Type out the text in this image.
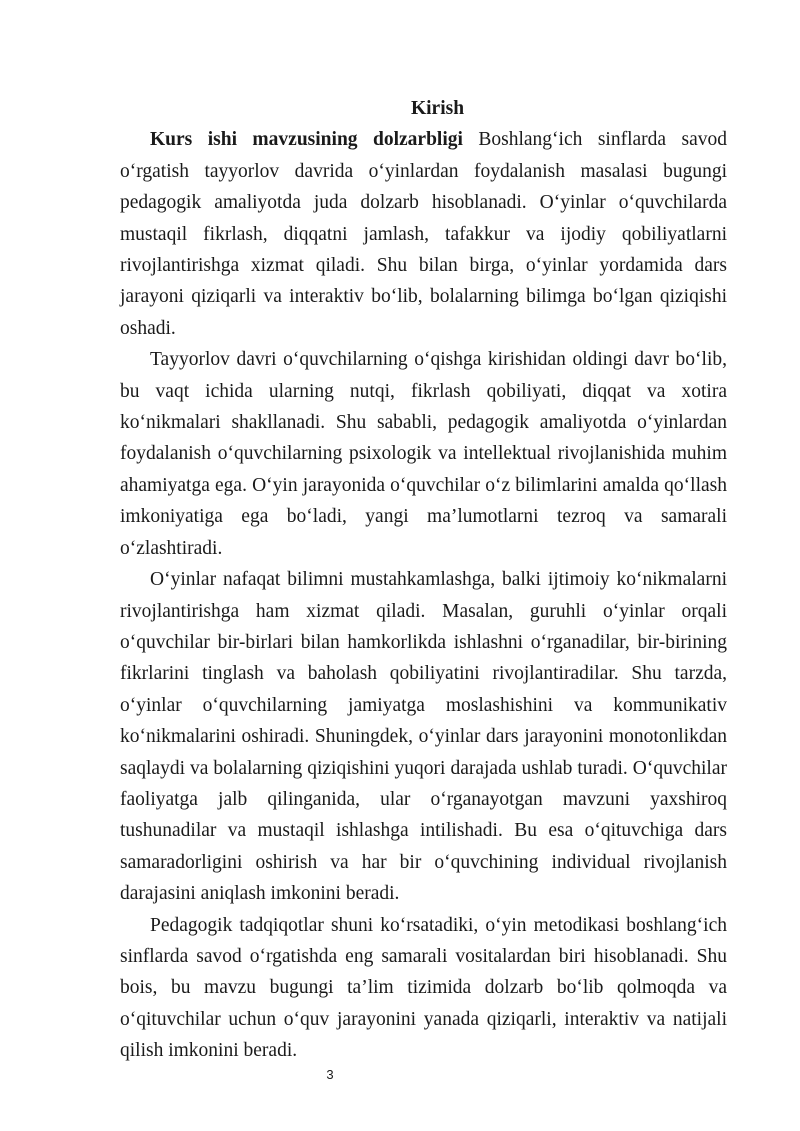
Kirish

Kurs ishi mavzusining dolzarbligi Boshlang‘ich sinflarda savod o‘rgatish tayyorlov davrida o‘yinlardan foydalanish masalasi bugungi pedagogik amaliyotda juda dolzarb hisoblanadi. O‘yinlar o‘quvchilarda mustaqil fikrlash, diqqatni jamlash, tafakkur va ijodiy qobiliyatlarni rivojlantirishga xizmat qiladi. Shu bilan birga, o‘yinlar yordamida dars jarayoni qiziqarli va interaktiv bo‘lib, bolalarning bilimga bo‘lgan qiziqishi oshadi.

Tayyorlov davri o‘quvchilarning o‘qishga kirishidan oldingi davr bo‘lib, bu vaqt ichida ularning nutqi, fikrlash qobiliyati, diqqat va xotira ko‘nikmalari shakllanadi. Shu sababli, pedagogik amaliyotda o‘yinlardan foydalanish o‘quvchilarning psixologik va intellektual rivojlanishida muhim ahamiyatga ega. O‘yin jarayonida o‘quvchilar o‘z bilimlarini amalda qo‘llash imkoniyatiga ega bo‘ladi, yangi ma’lumotlarni tezroq va samarali o‘zlashtiradi.

O‘yinlar nafaqat bilimni mustahkamlashga, balki ijtimoiy ko‘nikmalarni rivojlantirishga ham xizmat qiladi. Masalan, guruhli o‘yinlar orqali o‘quvchilar bir-birlari bilan hamkorlikda ishlashni o‘rganadilar, bir-birining fikrlarini tinglash va baholash qobiliyatini rivojlantiradilar. Shu tarzda, o‘yinlar o‘quvchilarning jamiyatga moslashishini va kommunikativ ko‘nikmalarini oshiradi. Shuningdek, o‘yinlar dars jarayonini monotonlikdan saqlaydi va bolalarning qiziqishini yuqori darajada ushlab turadi. O‘quvchilar faoliyatga jalb qilinganida, ular o‘rganayotgan mavzuni yaxshiroq tushunadilar va mustaqil ishlashga intilishadi. Bu esa o‘qituvchiga dars samaradorligini oshirish va har bir o‘quvchining individual rivojlanish darajasini aniqlash imkonini beradi.

Pedagogik tadqiqotlar shuni ko‘rsatadiki, o‘yin metodikasi boshlang‘ich sinflarda savod o‘rgatishda eng samarali vositalardan biri hisoblanadi. Shu bois, bu mavzu bugungi ta’lim tizimida dolzarb bo‘lib qolmoqda va o‘qituvchilar uchun o‘quv jarayonini yanada qiziqarli, interaktiv va natijali qilish imkonini beradi.

3
